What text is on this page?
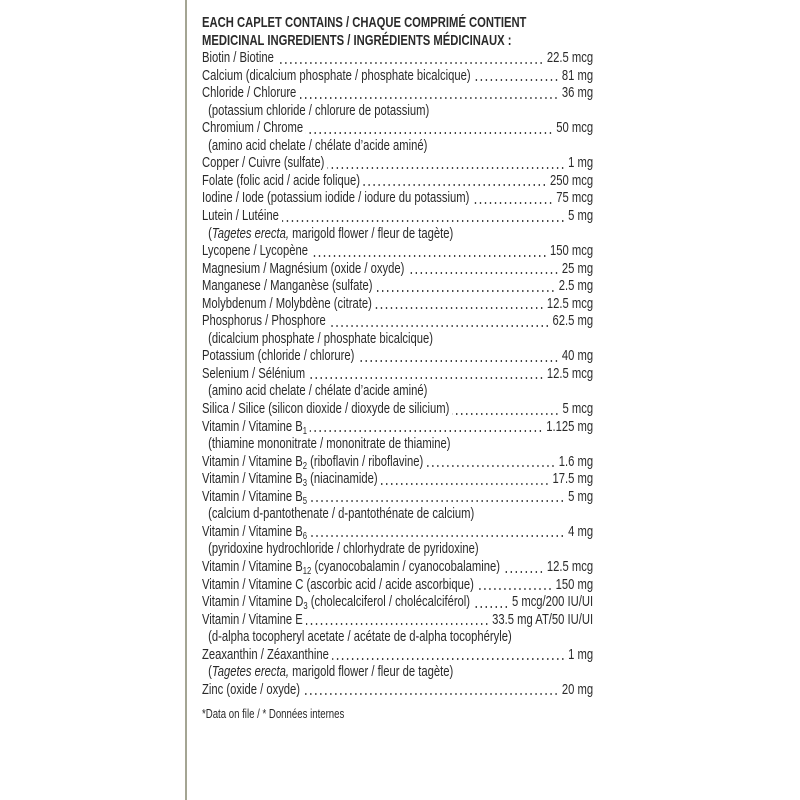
EACH CAPLET CONTAINS / CHAQUE COMPRIMÉ CONTIENT
MEDICINAL INGREDIENTS / INGRÉDIENTS MÉDICINAUX :
Biotin / Biotine	22.5 mcg
Calcium (dicalcium phosphate / phosphate bicalcique)	81 mg
Chloride / Chlorure	36 mg
(potassium chloride / chlorure de potassium)
Chromium / Chrome	50 mcg
(amino acid chelate / chélate d’acide aminé)
Copper / Cuivre (sulfate)	1 mg
Folate (folic acid / acide folique)	250 mcg
Iodine / Iode (potassium iodide / iodure du potassium)	75 mcg
Lutein / Lutéine	5 mg
(Tagetes erecta, marigold flower / fleur de tagète)
Lycopene / Lycopène	150 mcg
Magnesium / Magnésium (oxide / oxyde)	25 mg
Manganese / Manganèse (sulfate)	2.5 mg
Molybdenum / Molybdène (citrate)	12.5 mcg
Phosphorus / Phosphore	62.5 mg
(dicalcium phosphate / phosphate bicalcique)
Potassium (chloride / chlorure)	40 mg
Selenium / Sélénium	12.5 mcg
(amino acid chelate / chélate d’acide aminé)
Silica / Silice (silicon dioxide / dioxyde de silicium)	5 mcg
Vitamin / Vitamine $B_1$	1.125 mg
(thiamine mononitrate / mononitrate de thiamine)
Vitamin / Vitamine $B_2$ (riboflavin / riboflavine)	1.6 mg
Vitamin / Vitamine $B_3$ (niacinamide)	17.5 mg
Vitamin / Vitamine $B_5$	5 mg
(calcium d-pantothenate / d-pantothénate de calcium)
Vitamin / Vitamine $B_6$	4 mg
(pyridoxine hydrochloride / chlorhydrate de pyridoxine)
Vitamin / Vitamine $B_{12}$ (cyanocobalamin / cyanocobalamine)	12.5 mcg
Vitamin / Vitamine C (ascorbic acid / acide ascorbique)	150 mg
Vitamin / Vitamine $D_3$ (cholecalciferol / cholécalciférol)	5 mcg/200 IU/UI
Vitamin / Vitamine E	33.5 mg AT/50 IU/UI
(d-alpha tocopheryl acetate / acétate de d-alpha tocophéryle)
Zeaxanthin / Zéaxanthine	1 mg
(Tagetes erecta, marigold flower / fleur de tagète)
Zinc (oxide / oxyde)	20 mg
*Data on file / * Données internes
